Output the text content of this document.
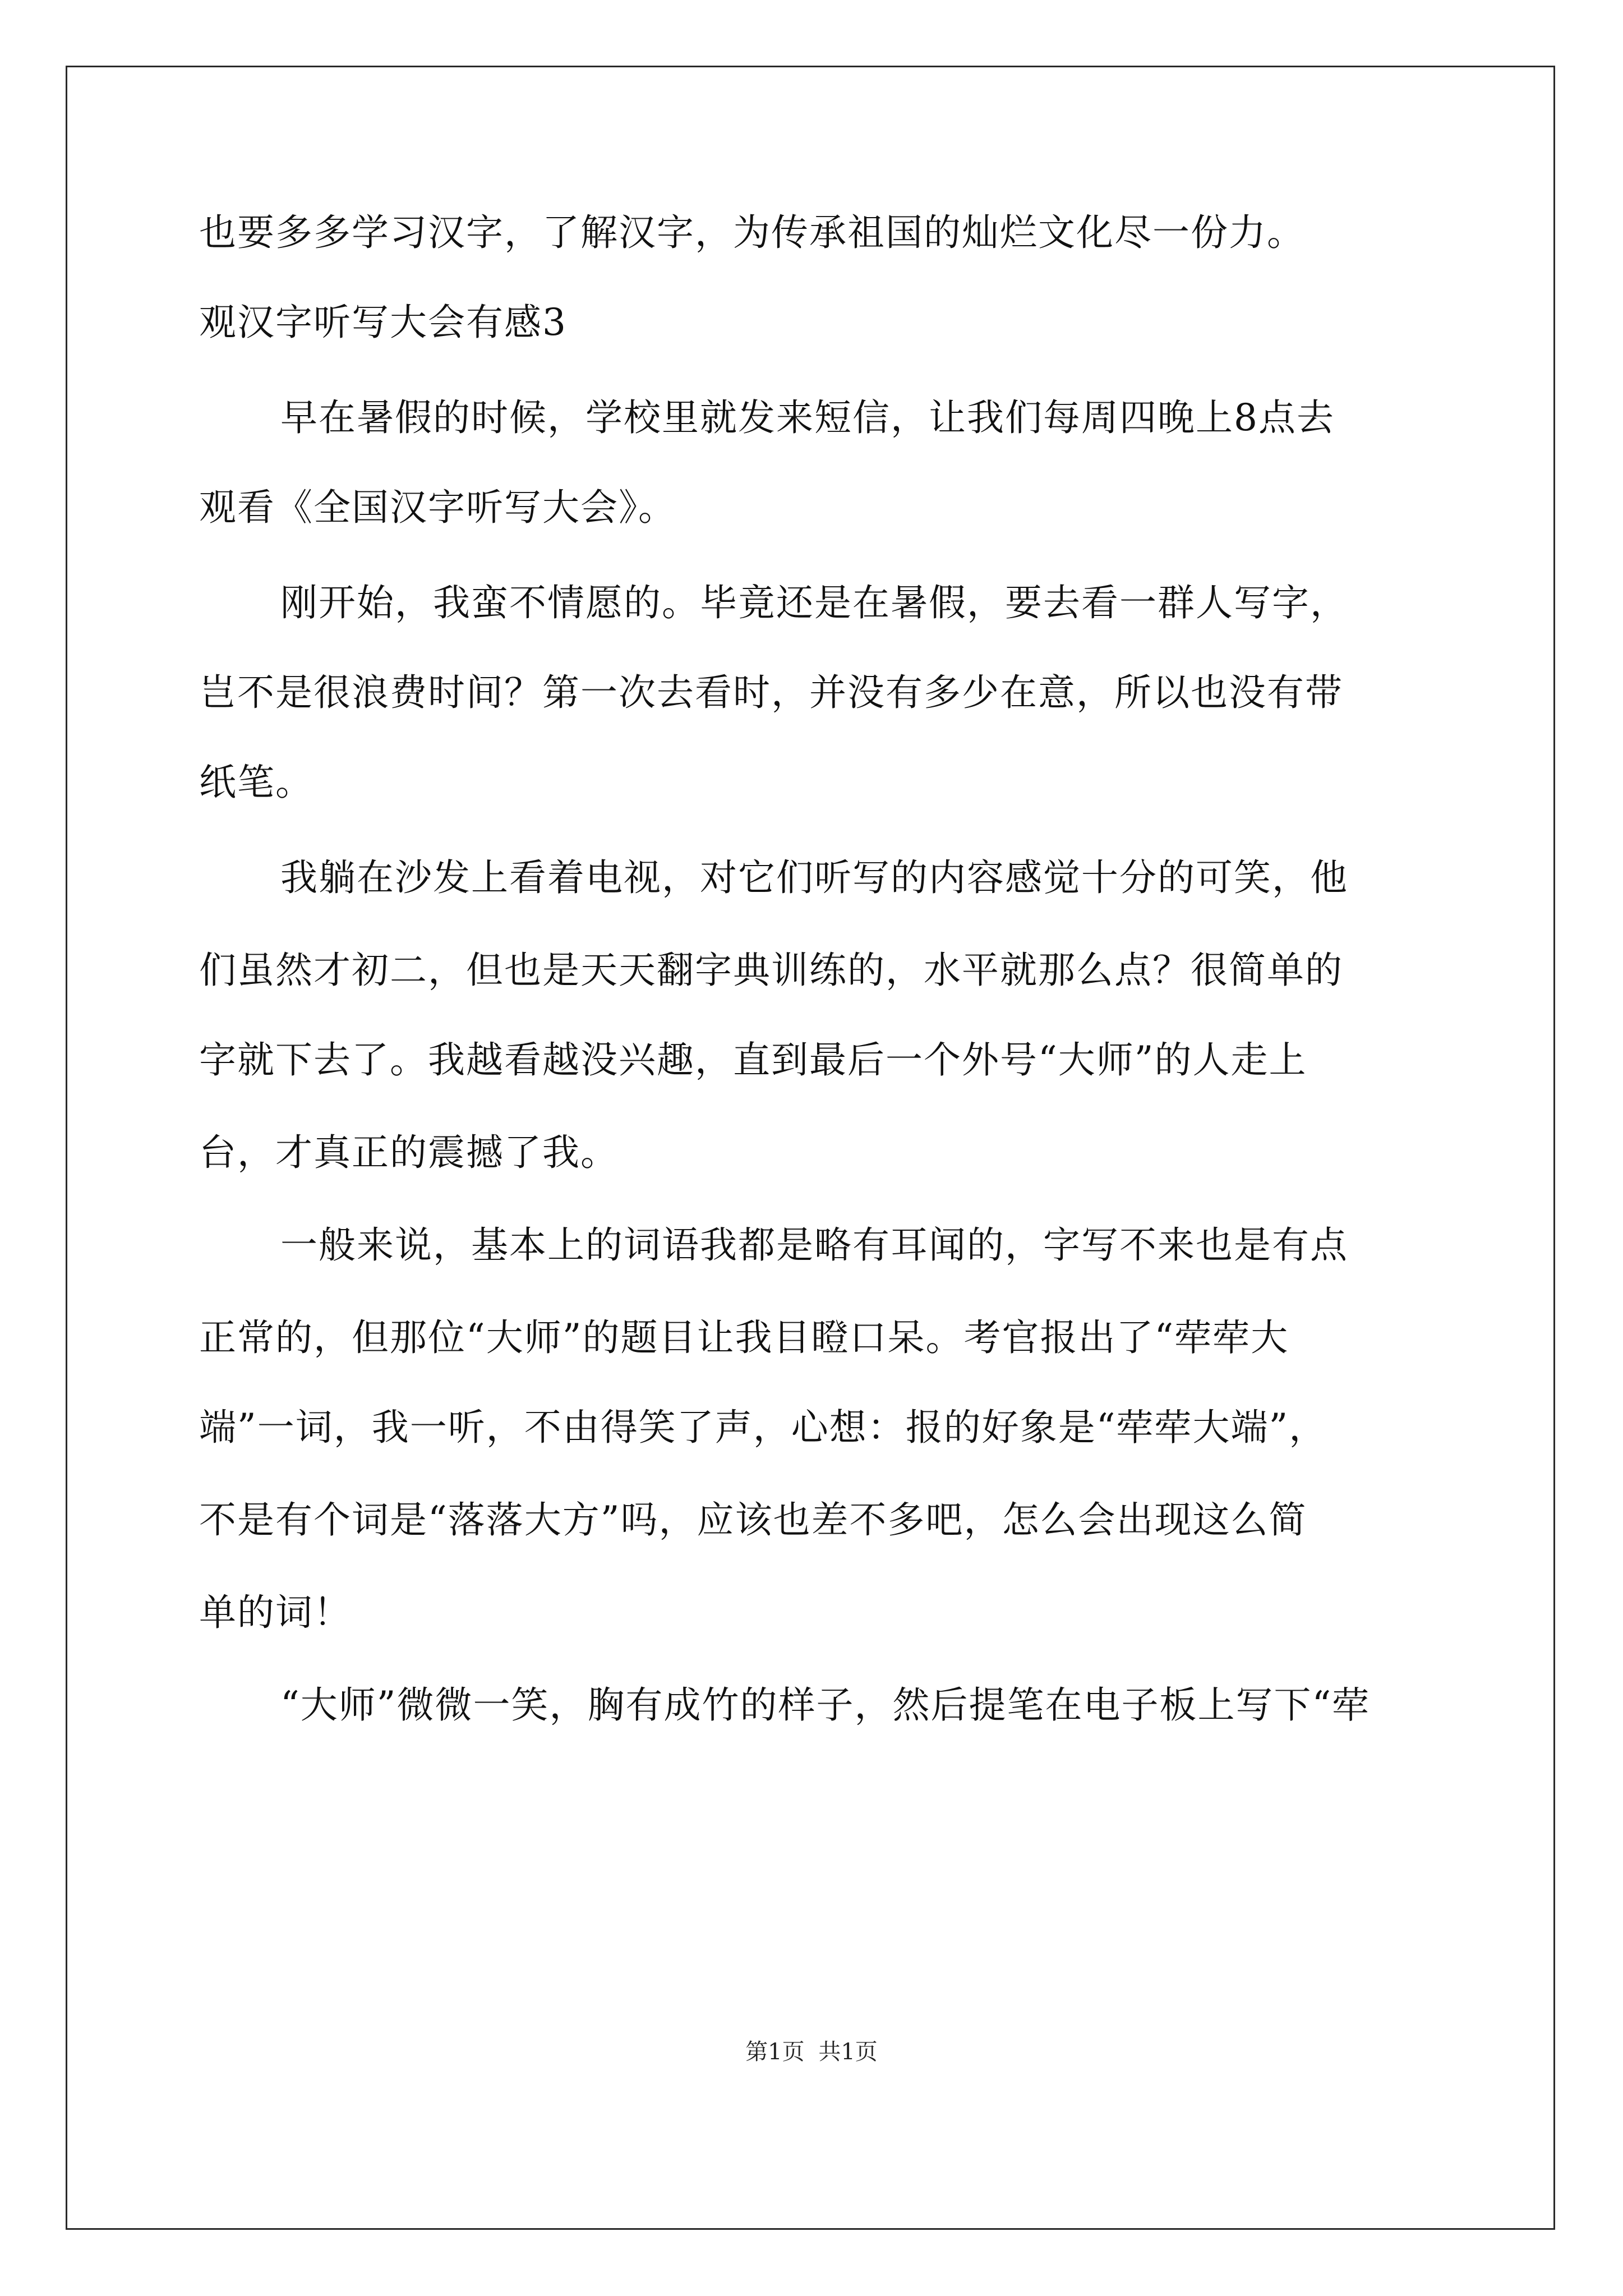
也要多多学习汉字，了解汉字，为传承祖国的灿烂文化尽一份力。
观汉字听写大会有感3
早在暑假的时候，学校里就发来短信，让我们每周四晚上8点去
观看《全国汉字听写大会》。
刚开始，我蛮不情愿的。毕竟还是在暑假，要去看一群人写字，
岂不是很浪费时间？第一次去看时，并没有多少在意，所以也没有带
纸笔。
我躺在沙发上看着电视，对它们听写的内容感觉十分的可笑，他
们虽然才初二，但也是天天翻字典训练的，水平就那么点？很简单的
字就下去了。我越看越没兴趣，直到最后一个外号“大师”的人走上
台，才真正的震撼了我。
一般来说，基本上的词语我都是略有耳闻的，字写不来也是有点
正常的，但那位“大师”的题目让我目瞪口呆。考官报出了“荦荦大
端”一词，我一听，不由得笑了声，心想：报的好象是“荦荦大端”，
不是有个词是“落落大方”吗，应该也差不多吧，怎么会出现这么简
单的词！
“大师”微微一笑，胸有成竹的样子，然后提笔在电子板上写下“荦
第1页 共1页
